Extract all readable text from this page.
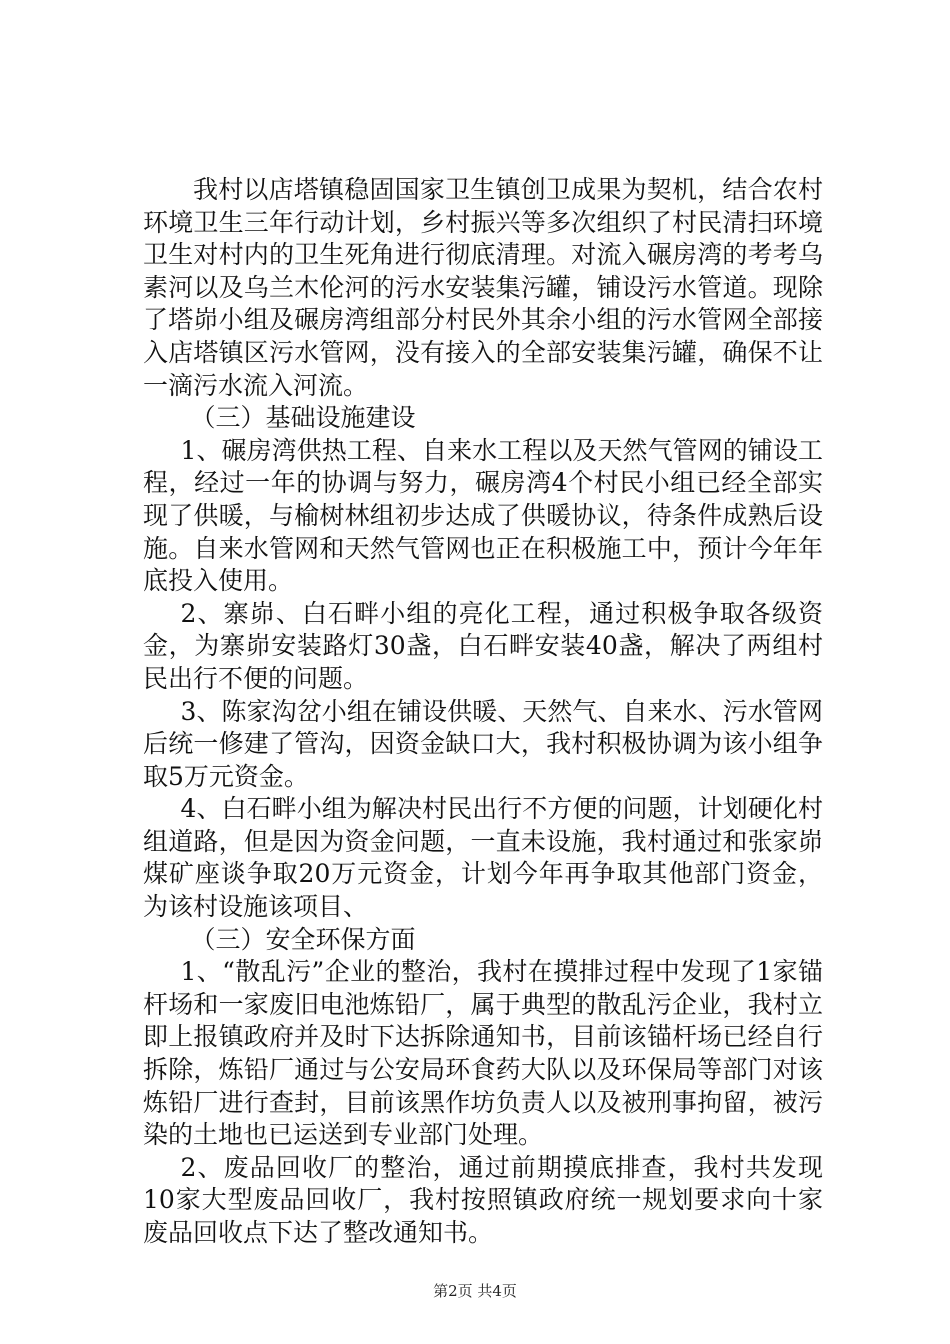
我村以店塔镇稳固国家卫生镇创卫成果为契机，结合农村环境卫生三年行动计划，乡村振兴等多次组织了村民清扫环境卫生对村内的卫生死角进行彻底清理。对流入碾房湾的考考乌素河以及乌兰木伦河的污水安装集污罐，铺设污水管道。现除了塔峁小组及碾房湾组部分村民外其余小组的污水管网全部接入店塔镇区污水管网，没有接入的全部安装集污罐，确保不让一滴污水流入河流。

（三）基础设施建设

1、碾房湾供热工程、自来水工程以及天然气管网的铺设工程，经过一年的协调与努力，碾房湾4个村民小组已经全部实现了供暖，与榆树林组初步达成了供暖协议，待条件成熟后设施。自来水管网和天然气管网也正在积极施工中，预计今年年底投入使用。

2、寨峁、白石畔小组的亮化工程，通过积极争取各级资金，为寨峁安装路灯30盏，白石畔安装40盏，解决了两组村民出行不便的问题。

3、陈家沟岔小组在铺设供暖、天然气、自来水、污水管网后统一修建了管沟，因资金缺口大，我村积极协调为该小组争取5万元资金。

4、白石畔小组为解决村民出行不方便的问题，计划硬化村组道路，但是因为资金问题，一直未设施，我村通过和张家峁煤矿座谈争取20万元资金，计划今年再争取其他部门资金，为该村设施该项目、

（三）安全环保方面

1、“散乱污”企业的整治，我村在摸排过程中发现了1家锚杆场和一家废旧电池炼铅厂，属于典型的散乱污企业，我村立即上报镇政府并及时下达拆除通知书，目前该锚杆场已经自行拆除，炼铅厂通过与公安局环食药大队以及环保局等部门对该炼铅厂进行查封，目前该黑作坊负责人以及被刑事拘留，被污染的土地也已运送到专业部门处理。

2、废品回收厂的整治，通过前期摸底排查，我村共发现10家大型废品回收厂，我村按照镇政府统一规划要求向十家废品回收点下达了整改通知书。

第2页 共4页
